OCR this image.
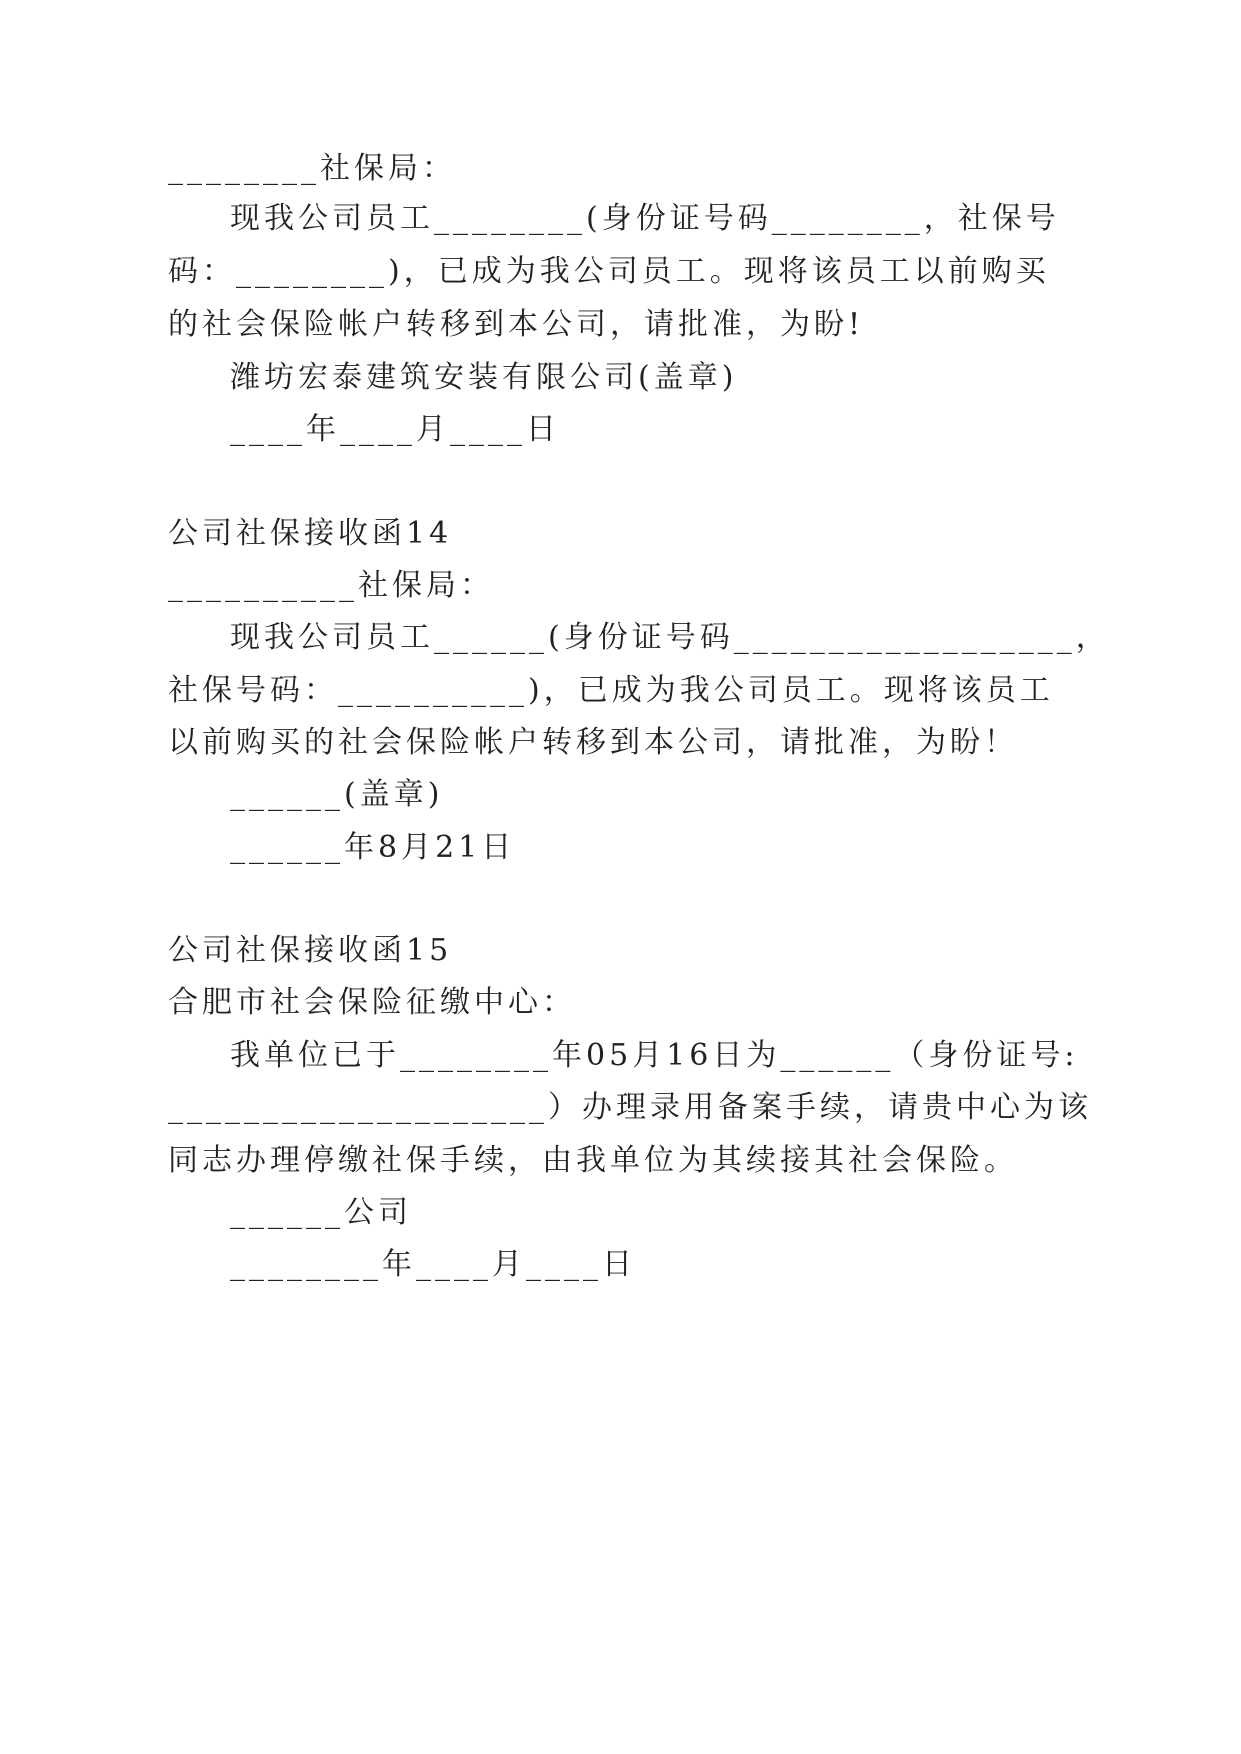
________社保局：
现我公司员工________(身份证号码________，社保号
码：________)，已成为我公司员工。现将该员工以前购买
的社会保险帐户转移到本公司，请批准，为盼!
潍坊宏泰建筑安装有限公司(盖章)
____年____月____日
公司社保接收函14
__________社保局：
现我公司员工______(身份证号码__________________，
社保号码：__________)，已成为我公司员工。现将该员工
以前购买的社会保险帐户转移到本公司，请批准，为盼！
______(盖章)
______年8月21日
公司社保接收函15
合肥市社会保险征缴中心：
我单位已于________年05月16日为______（身份证号:
____________________）办理录用备案手续，请贵中心为该
同志办理停缴社保手续，由我单位为其续接其社会保险。
______公司
________年____月____日
